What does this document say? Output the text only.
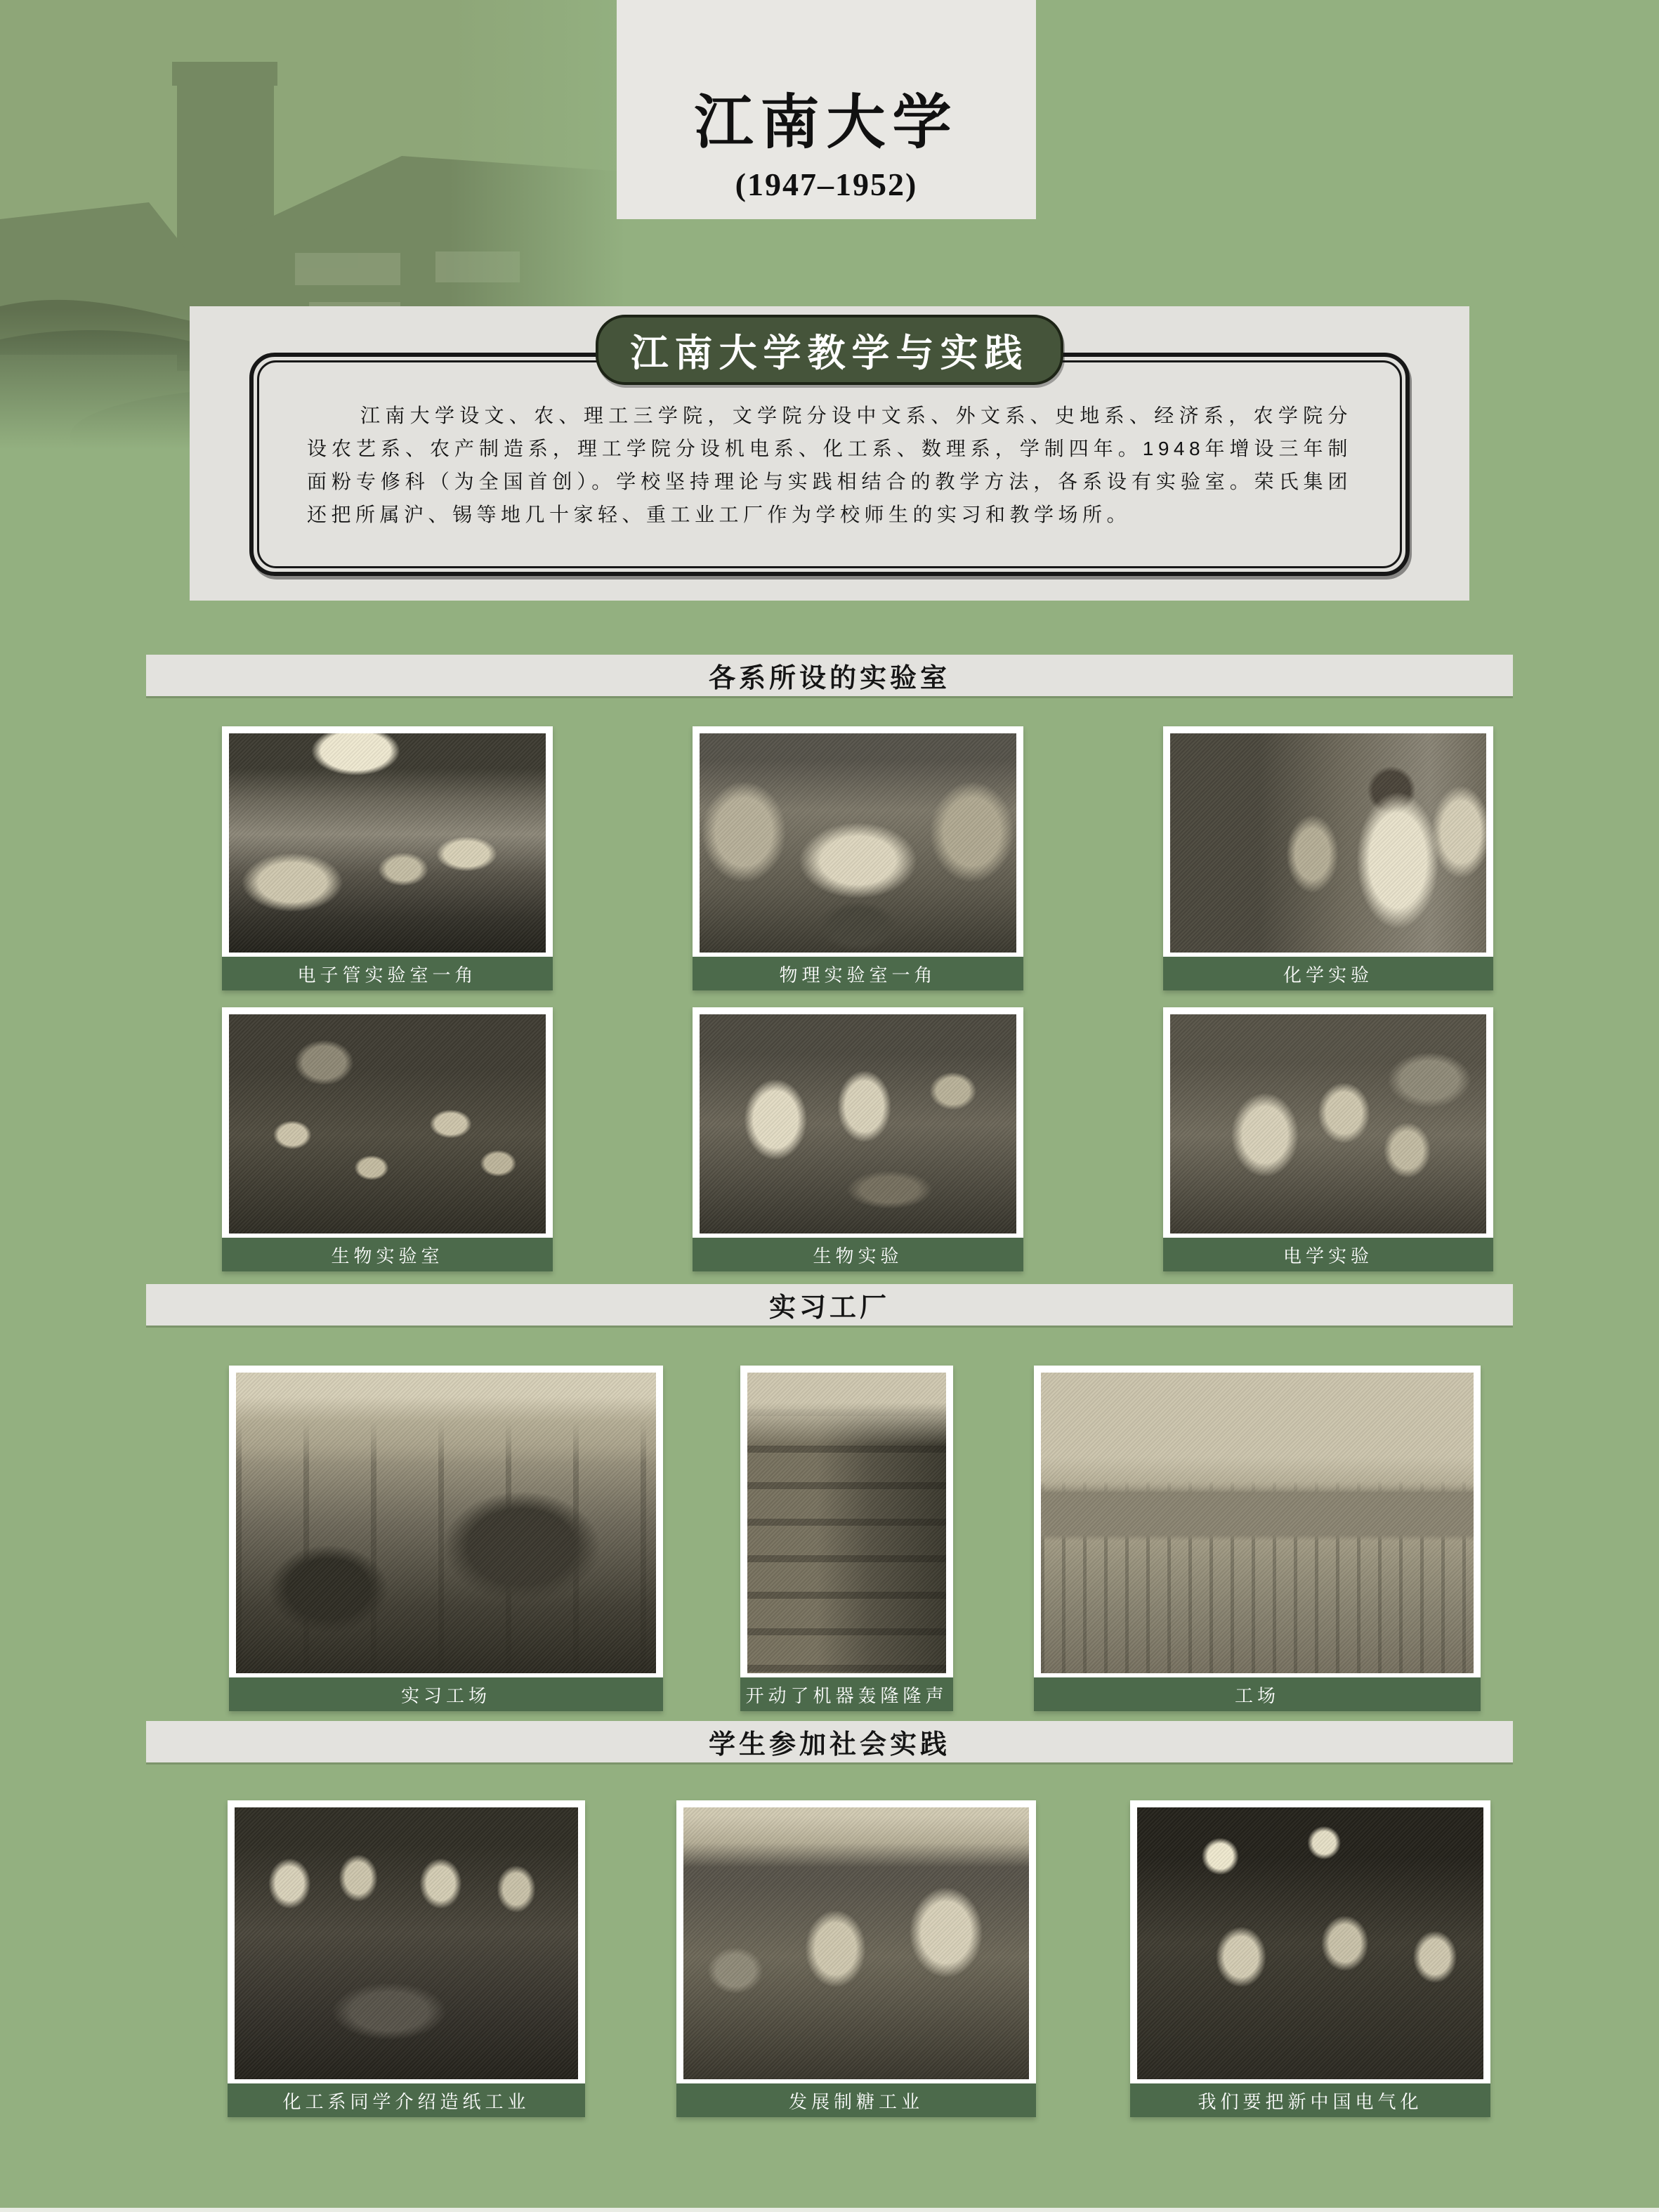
江南大学
(1947–1952)
江南大学教学与实践
江南大学设文、农、理工三学院，文学院分设中文系、外文系、史地系、经济系，农学院分设农艺系、农产制造系，理工学院分设机电系、化工系、数理系，学制四年。1948年增设三年制面粉专修科（为全国首创）。学校坚持理论与实践相结合的教学方法，各系设有实验室。荣氏集团还把所属沪、锡等地几十家轻、重工业工厂作为学校师生的实习和教学场所。
各系所设的实验室
实习工厂
学生参加社会实践
电子管实验室一角	物理实验室一角	化学实验
生物实验室	生物实验	电学实验
实习工场	开动了机器轰隆隆声	工场
化工系同学介绍造纸工业	发展制糖工业	我们要把新中国电气化
